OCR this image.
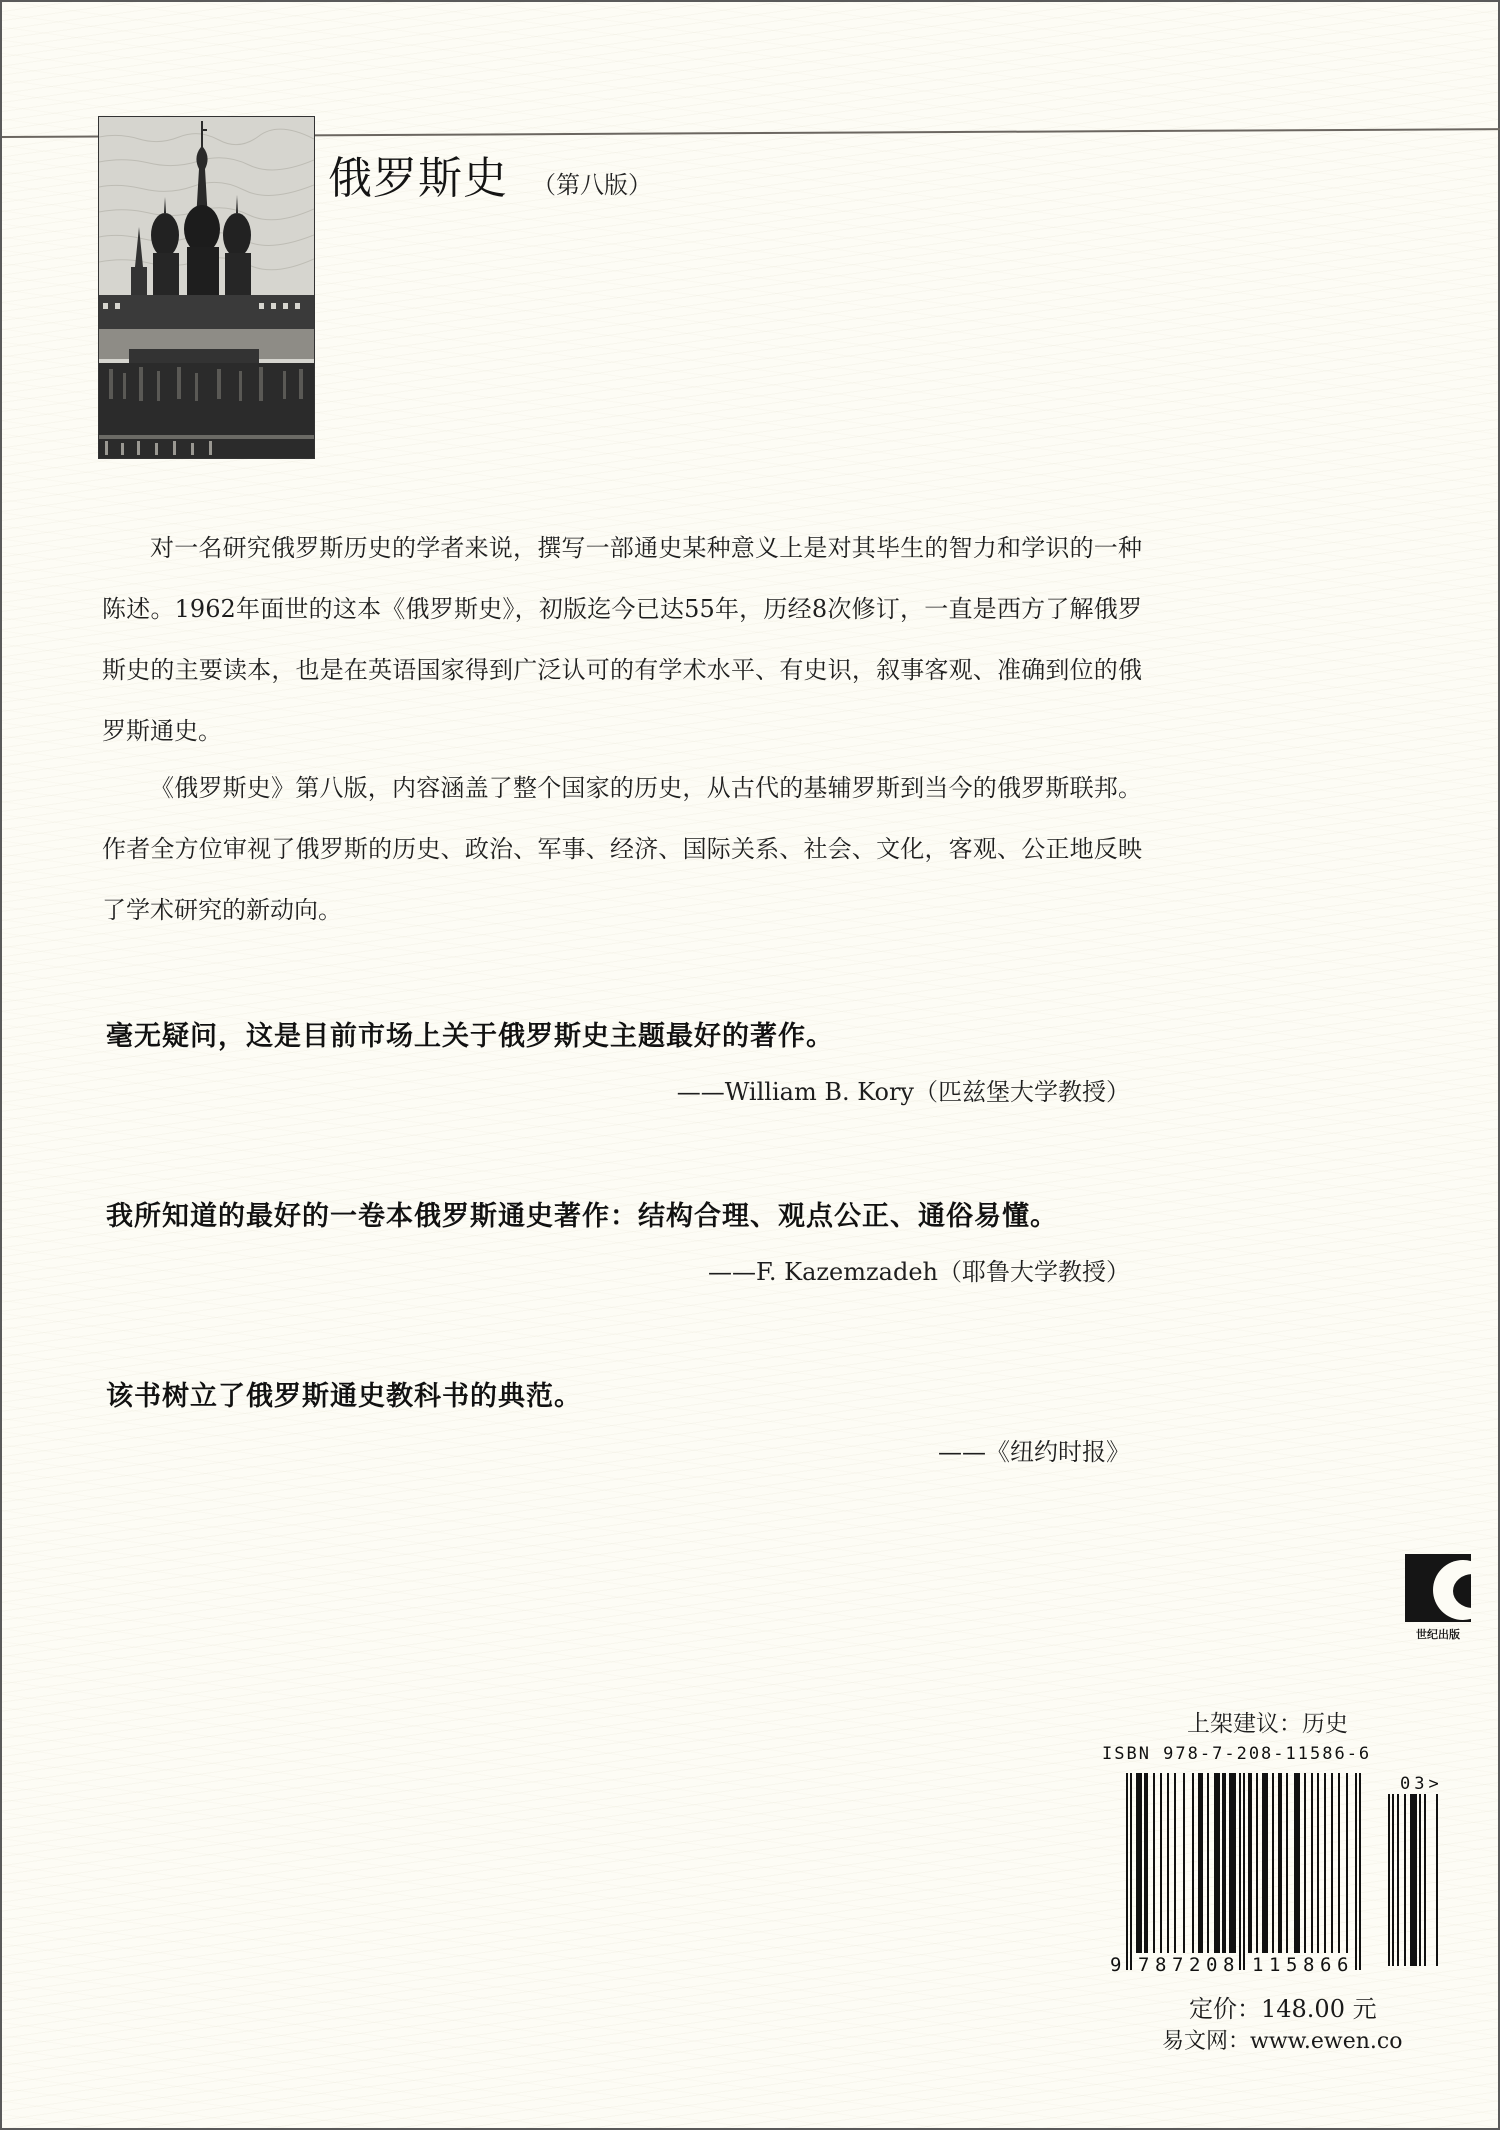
俄罗斯史 （第八版）

对一名研究俄罗斯历史的学者来说，撰写一部通史某种意义上是对其毕生的智力和学识的一种陈述。1962年面世的这本《俄罗斯史》，初版迄今已达55年，历经8次修订，一直是西方了解俄罗斯史的主要读本，也是在英语国家得到广泛认可的有学术水平、有史识，叙事客观、准确到位的俄罗斯通史。

《俄罗斯史》第八版，内容涵盖了整个国家的历史，从古代的基辅罗斯到当今的俄罗斯联邦。作者全方位审视了俄罗斯的历史、政治、军事、经济、国际关系、社会、文化，客观、公正地反映了学术研究的新动向。

毫无疑问，这是目前市场上关于俄罗斯史主题最好的著作。
——William B. Kory（匹兹堡大学教授）
我所知道的最好的一卷本俄罗斯通史著作：结构合理、观点公正、通俗易懂。
——F. Kazemzadeh（耶鲁大学教授）
该书树立了俄罗斯通史教科书的典范。
——《纽约时报》
世纪出版
上架建议：历史
ISBN 978-7-208-11586-6
03>
9 7 8 7 2 0 8 1 1 5 8 6 6
定价：148.00 元
易文网：www.ewen.co
